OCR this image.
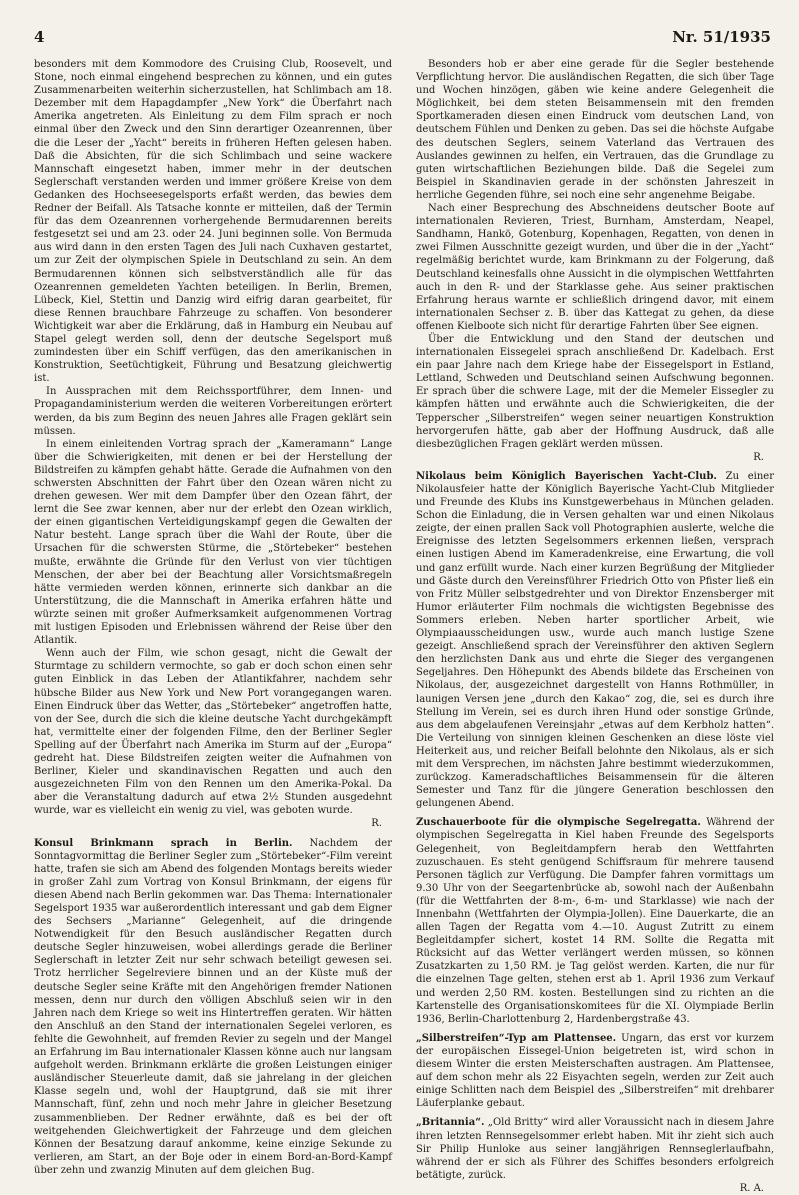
4	Nr. 51/1935

besonders mit dem Kommodore des Cruising Club, Roosevelt, und Stone, noch einmal eingehend besprechen zu können, und ein gutes Zusammenarbeiten weiterhin sicherzustellen, hat Schlimbach am 18. Dezember mit dem Hapagdampfer „New York“ die Überfahrt nach Amerika angetreten. Als Einleitung zu dem Film sprach er noch einmal über den Zweck und den Sinn derartiger Ozeanrennen, über die die Leser der „Yacht“ bereits in früheren Heften gelesen haben. Daß die Absichten, für die sich Schlimbach und seine wackere Mannschaft eingesetzt haben, immer mehr in der deutschen Seglerschaft verstanden werden und immer größere Kreise von dem Gedanken des Hochseesegelsports erfaßt werden, das bewies dem Redner der Beifall. Als Tatsache konnte er mitteilen, daß der Termin für das dem Ozeanrennen vorhergehende Bermudarennen bereits festgesetzt sei und am 23. oder 24. Juni beginnen solle. Von Bermuda aus wird dann in den ersten Tagen des Juli nach Cuxhaven gestartet, um zur Zeit der olympischen Spiele in Deutschland zu sein. An dem Bermudarennen können sich selbstverständlich alle für das Ozeanrennen gemeldeten Yachten beteiligen. In Berlin, Bremen, Lübeck, Kiel, Stettin und Danzig wird eifrig daran gearbeitet, für diese Rennen brauchbare Fahrzeuge zu schaffen. Von besonderer Wichtigkeit war aber die Erklärung, daß in Hamburg ein Neubau auf Stapel gelegt werden soll, denn der deutsche Segelsport muß zumindesten über ein Schiff verfügen, das den amerikanischen in Konstruktion, Seetüchtigkeit, Führung und Besatzung gleichwertig ist.

In Aussprachen mit dem Reichssportführer, dem Innen- und Propagandaministerium werden die weiteren Vorbereitungen erörtert werden, da bis zum Beginn des neuen Jahres alle Fragen geklärt sein müssen.

In einem einleitenden Vortrag sprach der „Kameramann“ Lange über die Schwierigkeiten, mit denen er bei der Herstellung der Bildstreifen zu kämpfen gehabt hätte. Gerade die Aufnahmen von den schwersten Abschnitten der Fahrt über den Ozean wären nicht zu drehen gewesen. Wer mit dem Dampfer über den Ozean fährt, der lernt die See zwar kennen, aber nur der erlebt den Ozean wirklich, der einen gigantischen Verteidigungskampf gegen die Gewalten der Natur besteht. Lange sprach über die Wahl der Route, über die Ursachen für die schwersten Stürme, die „Störtebeker“ bestehen mußte, erwähnte die Gründe für den Verlust von vier tüchtigen Menschen, der aber bei der Beachtung aller Vorsichtsmaßregeln hätte vermieden werden können, erinnerte sich dankbar an die Unterstützung, die die Mannschaft in Amerika erfahren hätte und würzte seinen mit großer Aufmerksamkeit aufgenommenen Vortrag mit lustigen Episoden und Erlebnissen während der Reise über den Atlantik.

Wenn auch der Film, wie schon gesagt, nicht die Gewalt der Sturmtage zu schildern vermochte, so gab er doch schon einen sehr guten Einblick in das Leben der Atlantikfahrer, nachdem sehr hübsche Bilder aus New York und New Port vorangegangen waren. Einen Eindruck über das Wetter, das „Störtebeker“ angetroffen hatte, von der See, durch die sich die kleine deutsche Yacht durchgekämpft hat, vermittelte einer der folgenden Filme, den der Berliner Segler Spelling auf der Überfahrt nach Amerika im Sturm auf der „Europa“ gedreht hat. Diese Bildstreifen zeigten weiter die Aufnahmen von Berliner, Kieler und skandinavischen Regatten und auch den ausgezeichneten Film von den Rennen um den Amerika-Pokal. Da aber die Veranstaltung dadurch auf etwa 2½ Stunden ausgedehnt wurde, war es vielleicht ein wenig zu viel, was geboten wurde.

R.

Konsul Brinkmann sprach in Berlin. Nachdem der Sonntagvormittag die Berliner Segler zum „Störtebeker“-Film vereint hatte, trafen sie sich am Abend des folgenden Montags bereits wieder in großer Zahl zum Vortrag von Konsul Brinkmann, der eigens für diesen Abend nach Berlin gekommen war. Das Thema: Internationaler Segelsport 1935 war außerordentlich interessant und gab dem Eigner des Sechsers „Marianne“ Gelegenheit, auf die dringende Notwendigkeit für den Besuch ausländischer Regatten durch deutsche Segler hinzuweisen, wobei allerdings gerade die Berliner Seglerschaft in letzter Zeit nur sehr schwach beteiligt gewesen sei. Trotz herrlicher Segelreviere binnen und an der Küste muß der deutsche Segler seine Kräfte mit den Angehörigen fremder Nationen messen, denn nur durch den völligen Abschluß seien wir in den Jahren nach dem Kriege so weit ins Hintertreffen geraten. Wir hätten den Anschluß an den Stand der internationalen Segelei verloren, es fehlte die Gewohnheit, auf fremden Revier zu segeln und der Mangel an Erfahrung im Bau internationaler Klassen könne auch nur langsam aufgeholt werden. Brinkmann erklärte die großen Leistungen einiger ausländischer Steuerleute damit, daß sie jahrelang in der gleichen Klasse segeln und, wohl der Hauptgrund, daß sie mit ihrer Mannschaft, fünf, zehn und noch mehr Jahre in gleicher Besetzung zusammenblieben. Der Redner erwähnte, daß es bei der oft weitgehenden Gleichwertigkeit der Fahrzeuge und dem gleichen Können der Besatzung darauf ankomme, keine einzige Sekunde zu verlieren, am Start, an der Boje oder in einem Bord-an-Bord-Kampf über zehn und zwanzig Minuten auf dem gleichen Bug.

Besonders hob er aber eine gerade für die Segler bestehende Verpflichtung hervor. Die ausländischen Regatten, die sich über Tage und Wochen hinzögen, gäben wie keine andere Gelegenheit die Möglichkeit, bei dem steten Beisammensein mit den fremden Sportkameraden diesen einen Eindruck vom deutschen Land, von deutschem Fühlen und Denken zu geben. Das sei die höchste Aufgabe des deutschen Seglers, seinem Vaterland das Vertrauen des Auslandes gewinnen zu helfen, ein Vertrauen, das die Grundlage zu guten wirtschaftlichen Beziehungen bilde. Daß die Segelei zum Beispiel in Skandinavien gerade in der schönsten Jahreszeit in herrliche Gegenden führe, sei noch eine sehr angenehme Beigabe.

Nach einer Besprechung des Abschneidens deutscher Boote auf internationalen Revieren, Triest, Burnham, Amsterdam, Neapel, Sandhamn, Hankö, Gotenburg, Kopenhagen, Regatten, von denen in zwei Filmen Ausschnitte gezeigt wurden, und über die in der „Yacht“ regelmäßig berichtet wurde, kam Brinkmann zu der Folgerung, daß Deutschland keinesfalls ohne Aussicht in die olympischen Wettfahrten auch in den R- und der Starklasse gehe. Aus seiner praktischen Erfahrung heraus warnte er schließlich dringend davor, mit einem internationalen Sechser z. B. über das Kattegat zu gehen, da diese offenen Kielboote sich nicht für derartige Fahrten über See eignen.

Über die Entwicklung und den Stand der deutschen und internationalen Eissegelei sprach anschließend Dr. Kadelbach. Erst ein paar Jahre nach dem Kriege habe der Eissegelsport in Estland, Lettland, Schweden und Deutschland seinen Aufschwung begonnen. Er sprach über die schwere Lage, mit der die Memeler Eissegler zu kämpfen hätten und erwähnte auch die Schwierigkeiten, die der Tepperscher „Silberstreifen“ wegen seiner neuartigen Konstruktion hervorgerufen hätte, gab aber der Hoffnung Ausdruck, daß alle diesbezüglichen Fragen geklärt werden müssen.

R.

Nikolaus beim Königlich Bayerischen Yacht-Club. Zu einer Nikolausfeier hatte der Königlich Bayerische Yacht-Club Mitglieder und Freunde des Klubs ins Kunstgewerbehaus in München geladen. Schon die Einladung, die in Versen gehalten war und einen Nikolaus zeigte, der einen prallen Sack voll Photographien auslerte, welche die Ereignisse des letzten Segelsommers erkennen ließen, versprach einen lustigen Abend im Kameradenkreise, eine Erwartung, die voll und ganz erfüllt wurde. Nach einer kurzen Begrüßung der Mitglieder und Gäste durch den Vereinsführer Friedrich Otto von Pfister ließ ein von Fritz Müller selbstgedrehter und von Direktor Enzensberger mit Humor erläuterter Film nochmals die wichtigsten Begebnisse des Sommers erleben. Neben harter sportlicher Arbeit, wie Olympiaausscheidungen usw., wurde auch manch lustige Szene gezeigt. Anschließend sprach der Vereinsführer den aktiven Seglern den herzlichsten Dank aus und ehrte die Sieger des vergangenen Segeljahres. Den Höhepunkt des Abends bildete das Erscheinen von Nikolaus, der, ausgezeichnet dargestellt von Hanns Rothmüller, in launigen Versen jene „durch den Kakao“ zog, die, sei es durch ihre Stellung im Verein, sei es durch ihren Hund oder sonstige Gründe, aus dem abgelaufenen Vereinsjahr „etwas auf dem Kerbholz hatten“. Die Verteilung von sinnigen kleinen Geschenken an diese löste viel Heiterkeit aus, und reicher Beifall belohnte den Nikolaus, als er sich mit dem Versprechen, im nächsten Jahre bestimmt wiederzukommen, zurückzog. Kameradschaftliches Beisammensein für die älteren Semester und Tanz für die jüngere Generation beschlossen den gelungenen Abend.

Zuschauerboote für die olympische Segelregatta. Während der olympischen Segelregatta in Kiel haben Freunde des Segelsports Gelegenheit, von Begleitdampfern herab den Wettfahrten zuzuschauen. Es steht genügend Schiffsraum für mehrere tausend Personen täglich zur Verfügung. Die Dampfer fahren vormittags um 9.30 Uhr von der Seegartenbrücke ab, sowohl nach der Außenbahn (für die Wettfahrten der 8-m-, 6-m- und Starklasse) wie nach der Innenbahn (Wettfahrten der Olympia-Jollen). Eine Dauerkarte, die an allen Tagen der Regatta vom 4.—10. August Zutritt zu einem Begleitdampfer sichert, kostet 14 RM. Sollte die Regatta mit Rücksicht auf das Wetter verlängert werden müssen, so können Zusatzkarten zu 1,50 RM. je Tag gelöst werden. Karten, die nur für die einzelnen Tage gelten, stehen erst ab 1. April 1936 zum Verkauf und werden 2,50 RM. kosten. Bestellungen sind zu richten an die Kartenstelle des Organisationskomitees für die XI. Olympiade Berlin 1936, Berlin-Charlottenburg 2, Hardenbergstraße 43.

„Silberstreifen“-Typ am Plattensee. Ungarn, das erst vor kurzem der europäischen Eissegel-Union beigetreten ist, wird schon in diesem Winter die ersten Meisterschaften austragen. Am Plattensee, auf dem schon mehr als 22 Eisyachten segeln, werden zur Zeit auch einige Schlitten nach dem Beispiel des „Silberstreifen“ mit drehbarer Läuferplanke gebaut.

„Britannia“. „Old Britty“ wird aller Voraussicht nach in diesem Jahre ihren letzten Rennsegelsommer erlebt haben. Mit ihr zieht sich auch Sir Philip Hunloke aus seiner langjährigen Rennseglerlaufbahn, während der er sich als Führer des Schiffes besonders erfolgreich betätigte, zurück.

R. A.
